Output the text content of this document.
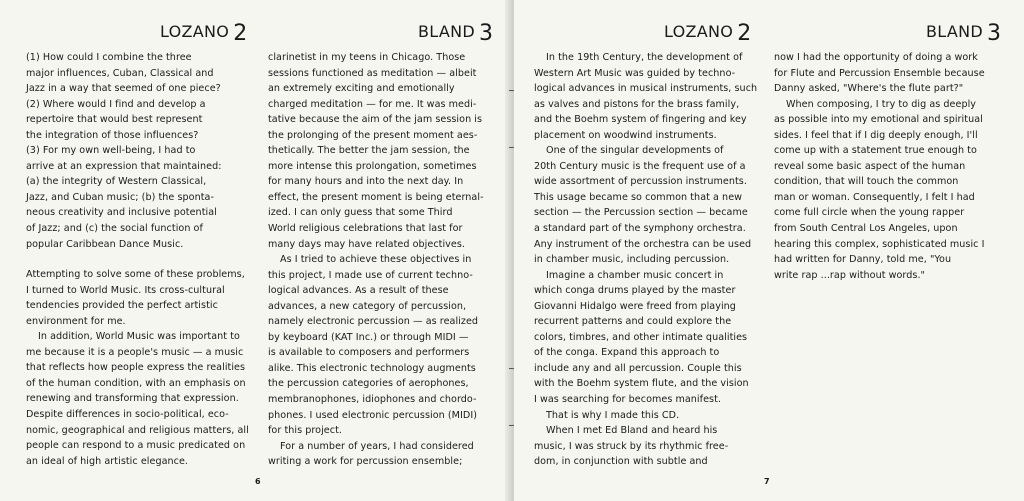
LOZANO 2	BLAND 3

(1) How could I combine the three

major influences, Cuban, Classical and

Jazz in a way that seemed of one piece?

(2) Where would I find and develop a

repertoire that would best represent

the integration of those influences?

(3) For my own well-being, I had to

arrive at an expression that maintained:

(a) the integrity of Western Classical,

Jazz, and Cuban music; (b) the sponta-

neous creativity and inclusive potential

of Jazz; and (c) the social function of

popular Caribbean Dance Music.

Attempting to solve some of these problems,

I turned to World Music. Its cross-cultural

tendencies provided the perfect artistic

environment for me.

In addition, World Music was important to

me because it is a people's music — a music

that reflects how people express the realities

of the human condition, with an emphasis on

renewing and transforming that expression.

Despite differences in socio-political, eco-

nomic, geographical and religious matters, all

people can respond to a music predicated on

an ideal of high artistic elegance.

clarinetist in my teens in Chicago. Those

sessions functioned as meditation — albeit

an extremely exciting and emotionally

charged meditation — for me. It was medi-

tative because the aim of the jam session is

the prolonging of the present moment aes-

thetically. The better the jam session, the

more intense this prolongation, sometimes

for many hours and into the next day. In

effect, the present moment is being eternal-

ized. I can only guess that some Third

World religious celebrations that last for

many days may have related objectives.

As I tried to achieve these objectives in

this project, I made use of current techno-

logical advances. As a result of these

advances, a new category of percussion,

namely electronic percussion — as realized

by keyboard (KAT Inc.) or through MIDI —

is available to composers and performers

alike. This electronic technology augments

the percussion categories of aerophones,

membranophones, idiophones and chordo-

phones. I used electronic percussion (MIDI)

for this project.

For a number of years, I had considered

writing a work for percussion ensemble;

6
LOZANO 2	BLAND 3

In the 19th Century, the development of

Western Art Music was guided by techno-

logical advances in musical instruments, such

as valves and pistons for the brass family,

and the Boehm system of fingering and key

placement on woodwind instruments.

One of the singular developments of

20th Century music is the frequent use of a

wide assortment of percussion instruments.

This usage became so common that a new

section — the Percussion section — became

a standard part of the symphony orchestra.

Any instrument of the orchestra can be used

in chamber music, including percussion.

Imagine a chamber music concert in

which conga drums played by the master

Giovanni Hidalgo were freed from playing

recurrent patterns and could explore the

colors, timbres, and other intimate qualities

of the conga. Expand this approach to

include any and all percussion. Couple this

with the Boehm system flute, and the vision

I was searching for becomes manifest.

That is why I made this CD.

When I met Ed Bland and heard his

music, I was struck by its rhythmic free-

dom, in conjunction with subtle and

now I had the opportunity of doing a work

for Flute and Percussion Ensemble because

Danny asked, "Where's the flute part?"

When composing, I try to dig as deeply

as possible into my emotional and spiritual

sides. I feel that if I dig deeply enough, I'll

come up with a statement true enough to

reveal some basic aspect of the human

condition, that will touch the common

man or woman. Consequently, I felt I had

come full circle when the young rapper

from South Central Los Angeles, upon

hearing this complex, sophisticated music I

had written for Danny, told me, "You

write rap ...rap without words."

7
